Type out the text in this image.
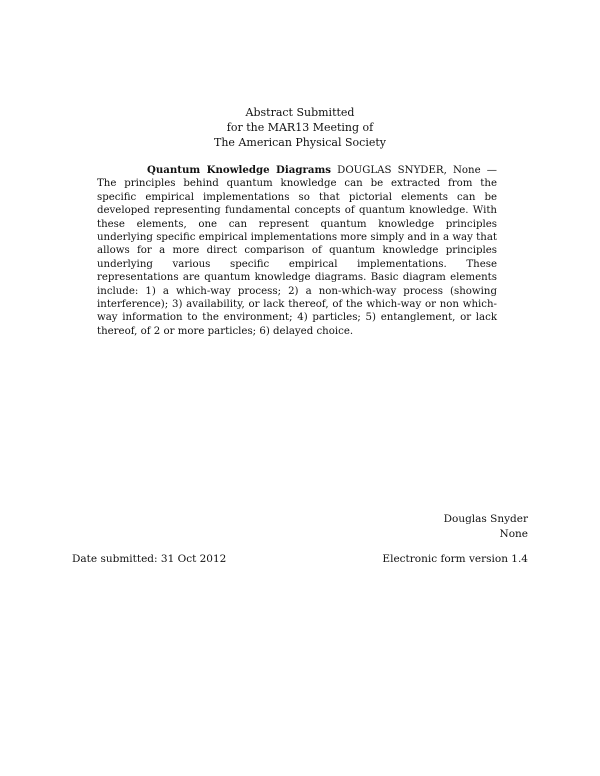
Abstract Submitted
for the MAR13 Meeting of
The American Physical Society
Quantum Knowledge Diagrams DOUGLAS SNYDER, None — The principles behind quantum knowledge can be extracted from the specific empirical implementations so that pictorial elements can be developed representing fundamental concepts of quantum knowledge. With these elements, one can represent quantum knowledge principles underlying specific empirical implementations more simply and in a way that allows for a more direct comparison of quantum knowledge principles underlying various specific empirical implementations. These representations are quantum knowledge diagrams. Basic diagram elements include: 1) a which-way process; 2) a non-which-way process (showing interference); 3) availability, or lack thereof, of the which-way or non which-way information to the environment; 4) particles; 5) entanglement, or lack thereof, of 2 or more particles; 6) delayed choice.
Douglas Snyder
None
Date submitted: 31 Oct 2012	Electronic form version 1.4
